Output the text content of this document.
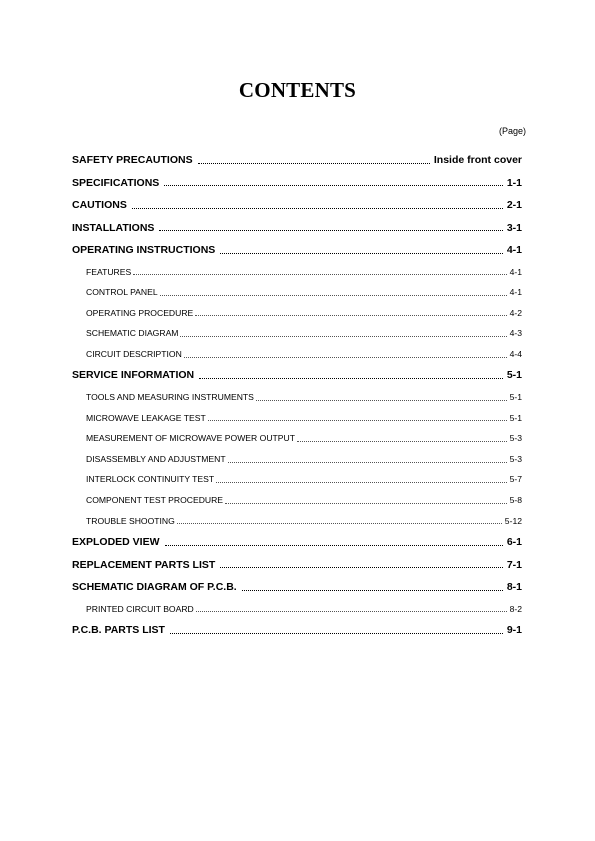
CONTENTS
(Page)
SAFETY PRECAUTIONS	Inside front cover
SPECIFICATIONS	1-1
CAUTIONS	2-1
INSTALLATIONS	3-1
OPERATING INSTRUCTIONS	4-1
FEATURES	4-1
CONTROL PANEL	4-1
OPERATING PROCEDURE	4-2
SCHEMATIC DIAGRAM	4-3
CIRCUIT DESCRIPTION	4-4
SERVICE INFORMATION	5-1
TOOLS AND MEASURING INSTRUMENTS	5-1
MICROWAVE LEAKAGE TEST	5-1
MEASUREMENT OF MICROWAVE POWER OUTPUT	5-3
DISASSEMBLY AND ADJUSTMENT	5-3
INTERLOCK CONTINUITY TEST	5-7
COMPONENT TEST PROCEDURE	5-8
TROUBLE SHOOTING	5-12
EXPLODED VIEW	6-1
REPLACEMENT PARTS LIST	7-1
SCHEMATIC DIAGRAM OF P.C.B.	8-1
PRINTED CIRCUIT BOARD	8-2
P.C.B. PARTS LIST	9-1
